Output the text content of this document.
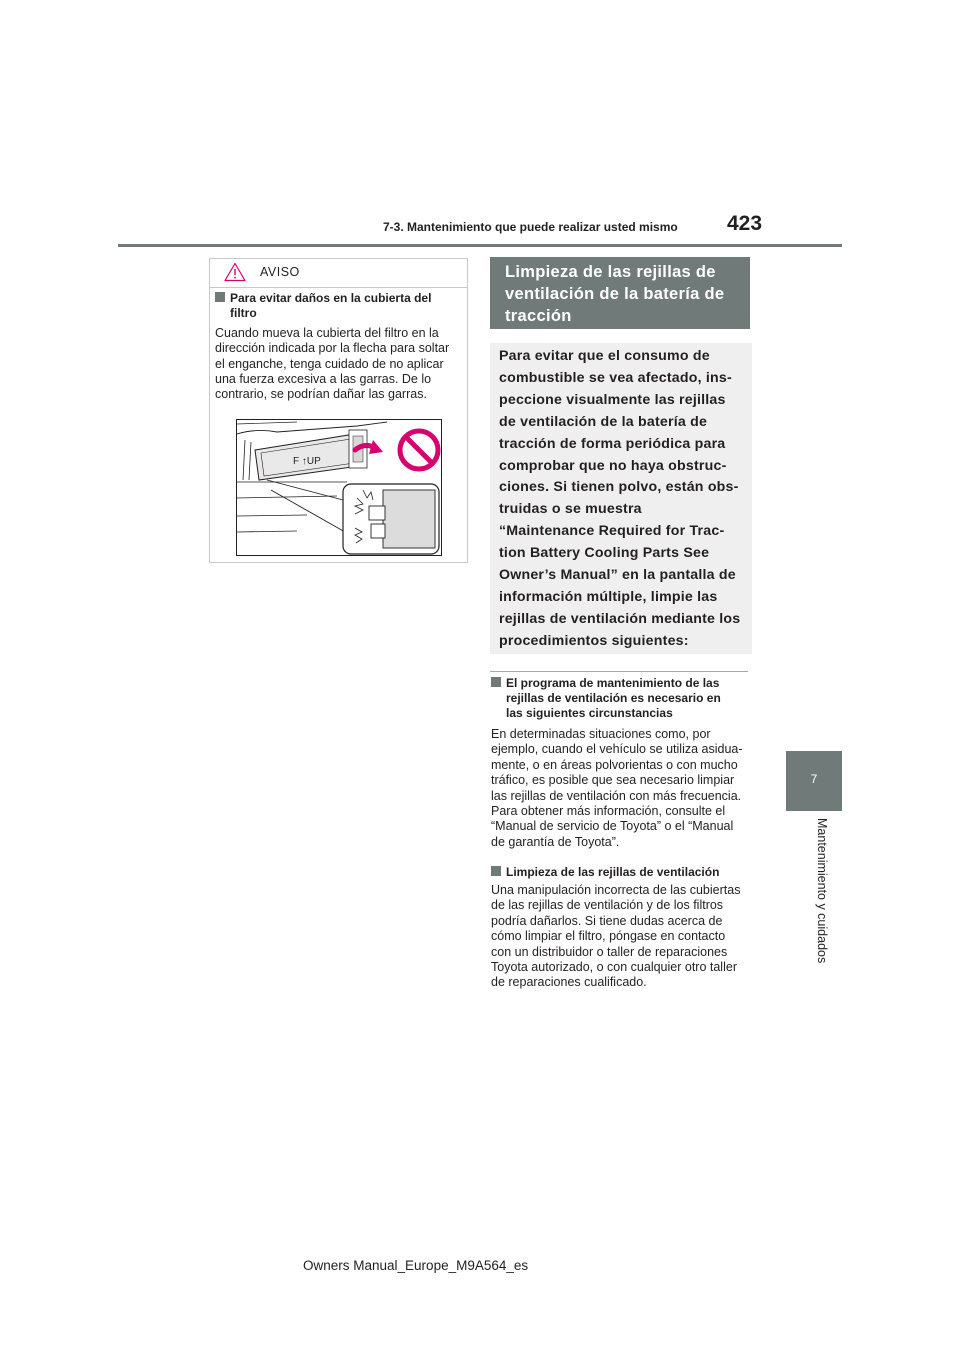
7-3. Mantenimiento que puede realizar usted mismo 423
7
Mantenimiento y cuidados
AVISO
Para evitar daños en la cubierta del filtro
Cuando mueva la cubierta del filtro en la
dirección indicada por la flecha para soltar
el enganche, tenga cuidado de no aplicar
una fuerza excesiva a las garras. De lo
contrario, se podrían dañar las garras.
F ↑UP
Limpieza de las rejillas de
ventilación de la batería de
tracción
Para evitar que el consumo de
combustible se vea afectado, ins-
peccione visualmente las rejillas
de ventilación de la batería de
tracción de forma periódica para
comprobar que no haya obstruc-
ciones. Si tienen polvo, están obs-
truidas o se muestra
“Maintenance Required for Trac-
tion Battery Cooling Parts See
Owner’s Manual” en la pantalla de
información múltiple, limpie las
rejillas de ventilación mediante los
procedimientos siguientes:
El programa de mantenimiento de las
rejillas de ventilación es necesario en
las siguientes circunstancias
En determinadas situaciones como, por
ejemplo, cuando el vehículo se utiliza asidua-
mente, o en áreas polvorientas o con mucho
tráfico, es posible que sea necesario limpiar
las rejillas de ventilación con más frecuencia.
Para obtener más información, consulte el
“Manual de servicio de Toyota” o el “Manual
de garantía de Toyota”.
Limpieza de las rejillas de ventilación
Una manipulación incorrecta de las cubiertas
de las rejillas de ventilación y de los filtros
podría dañarlos. Si tiene dudas acerca de
cómo limpiar el filtro, póngase en contacto
con un distribuidor o taller de reparaciones
Toyota autorizado, o con cualquier otro taller
de reparaciones cualificado.
Owners Manual_Europe_M9A564_es
